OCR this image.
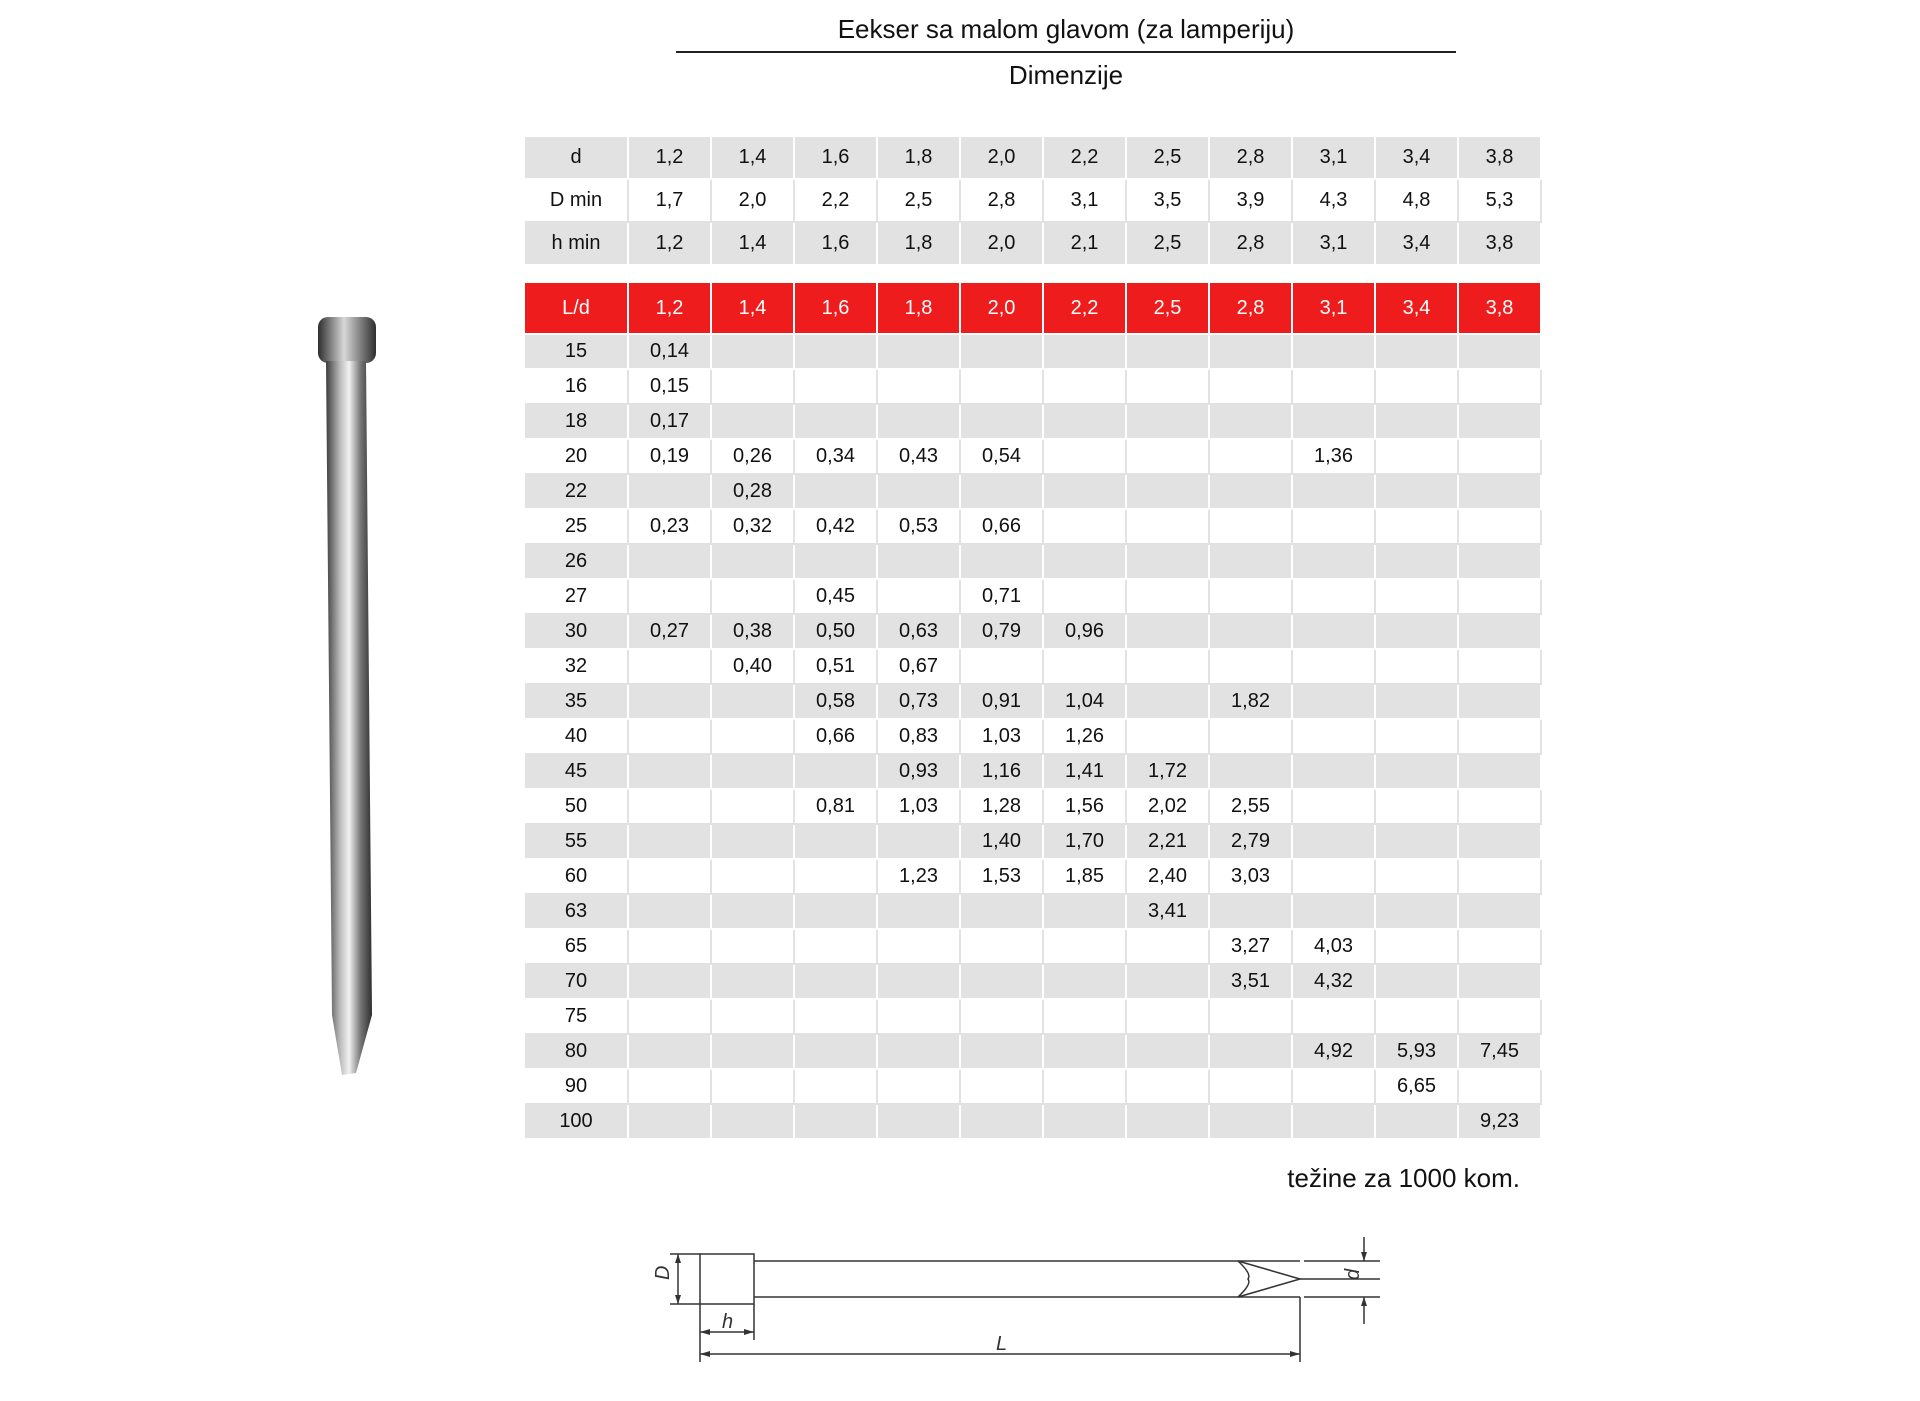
Eekser sa malom glavom (za lamperiju)
Dimenzije
d	1,2	1,4	1,6	1,8	2,0	2,2	2,5	2,8	3,1	3,4	3,8
D min	1,7	2,0	2,2	2,5	2,8	3,1	3,5	3,9	4,3	4,8	5,3
h min	1,2	1,4	1,6	1,8	2,0	2,1	2,5	2,8	3,1	3,4	3,8
L/d	1,2	1,4	1,6	1,8	2,0	2,2	2,5	2,8	3,1	3,4	3,8
15	0,14										
16	0,15										
18	0,17										
20	0,19	0,26	0,34	0,43	0,54				1,36		
22		0,28									
25	0,23	0,32	0,42	0,53	0,66						
26											
27			0,45		0,71						
30	0,27	0,38	0,50	0,63	0,79	0,96					
32		0,40	0,51	0,67							
35			0,58	0,73	0,91	1,04		1,82			
40			0,66	0,83	1,03	1,26					
45				0,93	1,16	1,41	1,72				
50			0,81	1,03	1,28	1,56	2,02	2,55			
55					1,40	1,70	2,21	2,79			
60				1,23	1,53	1,85	2,40	3,03			
63							3,41				
65								3,27	4,03		
70								3,51	4,32		
75											
80									4,92	5,93	7,45
90										6,65	
100											9,23
težine za 1000 kom.
D
h
L
d
